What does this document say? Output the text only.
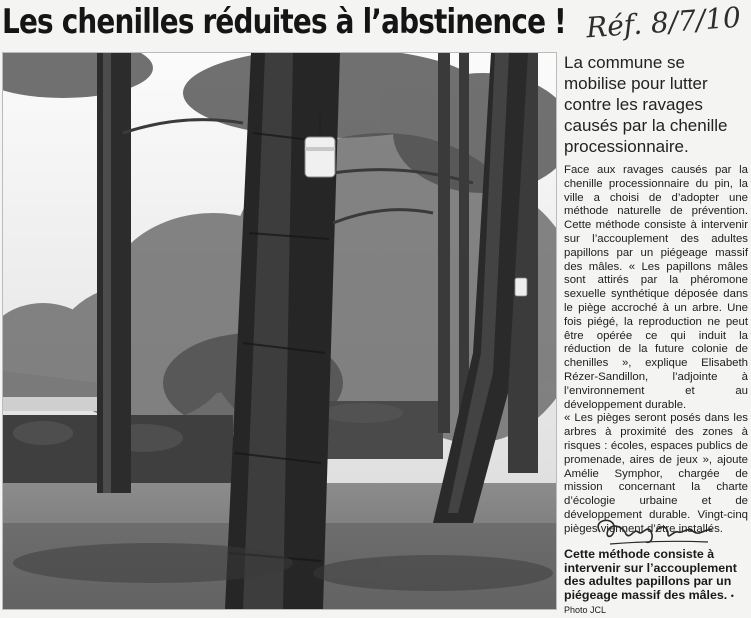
Les chenilles réduites à l’abstinence ! Réf. 8/7/10
La commune se mobilise pour lutter contre les ravages causés par la chenille processionnaire.

Face aux ravages causés par la chenille processionnaire du pin, la ville a choisi de d’adopter une méthode naturelle de prévention. Cette méthode consiste à intervenir sur l’accouplement des adultes papillons par un piégeage massif des mâles. « Les papillons mâles sont attirés par la phéromone sexuelle synthétique déposée dans le piège accroché à un arbre. Une fois piégé, la reproduction ne peut être opérée ce qui induit la réduction de la future colonie de chenilles », explique Elisabeth Rézer-Sandillon, l’adjointe à l’environnement et au développement durable.

« Les pièges seront posés dans les arbres à proximité des zones à risques : écoles, espaces publics de promenade, aires de jeux », ajoute Amélie Symphor, chargée de mission concernant la charte d’écologie urbaine et de développement durable. Vingt-cinq pièges viennent d’être installés.

Cette méthode consiste à intervenir sur l’accouplement des adultes papillons par un piégeage massif des mâles. • Photo JCL
